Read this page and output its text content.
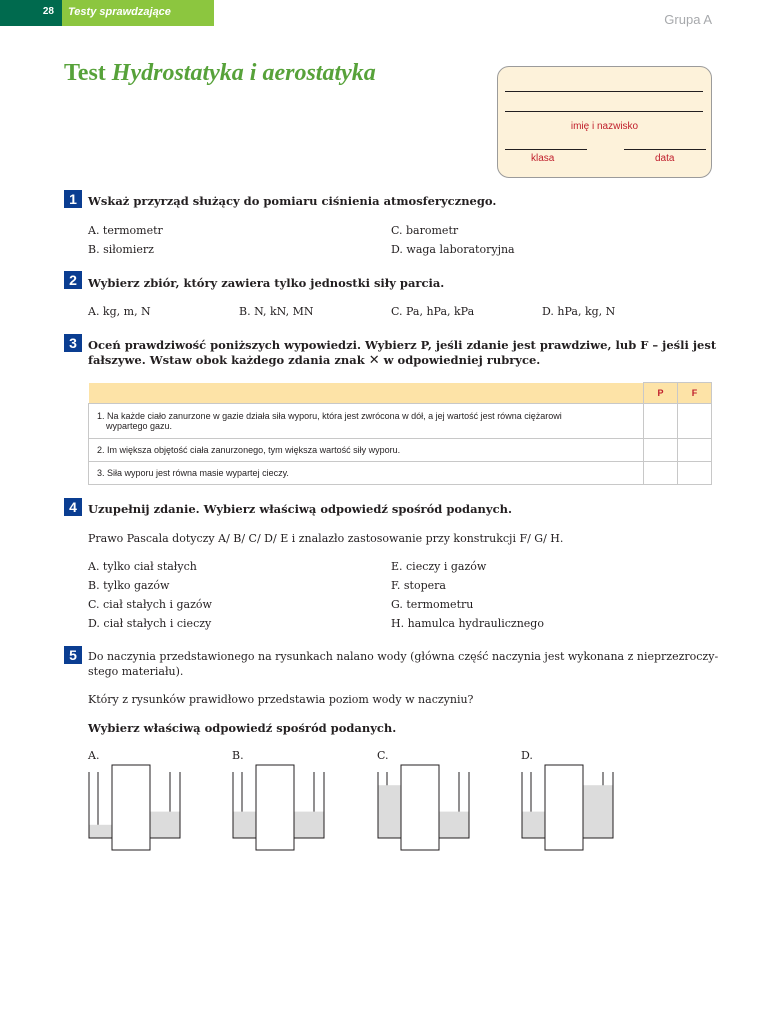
28 Testy sprawdzające	Grupa A
Test Hydrostatyka i aerostatyka
imię i nazwisko
klasa	data
1 Wskaż przyrząd służący do pomiaru ciśnienia atmosferycznego.
A. termometr
B. siłomierz
C. barometr
D. waga laboratoryjna
2 Wybierz zbiór, który zawiera tylko jednostki siły parcia.
A. kg, m, N	B. N, kN, MN	C. Pa, hPa, kPa	D. hPa, kg, N
3 Oceń prawdziwość poniższych wypowiedzi. Wybierz P, jeśli zdanie jest prawdziwe, lub F – jeśli jest
fałszywe. Wstaw obok każdego zdania znak ✕ w odpowiedniej rubryce.
	P	F

1. Na każde ciało zanurzone w gazie działa siła wyporu, która jest zwrócona w dół, a jej wartość jest równa ciężarowi
wypartego gazu.		

2. Im większa objętość ciała zanurzonego, tym większa wartość siły wyporu.		
3. Siła wyporu jest równa masie wypartej cieczy.		
4 Uzupełnij zdanie. Wybierz właściwą odpowiedź spośród podanych.
Prawo Pascala dotyczy A/ B/ C/ D/ E i znalazło zastosowanie przy konstrukcji F/ G/ H.
A. tylko ciał stałych
B. tylko gazów
C. ciał stałych i gazów
D. ciał stałych i cieczy
E. cieczy i gazów
F. stopera
G. termometru
H. hamulca hydraulicznego
5	Do naczynia przedstawionego na rysunkach nalano wody (główna część naczynia jest wykonana z nieprzezroczy-
stego materiału).
Który z rysunków prawidłowo przedstawia poziom wody w naczyniu?
Wybierz właściwą odpowiedź spośród podanych.
A.	B.	C.	D.
